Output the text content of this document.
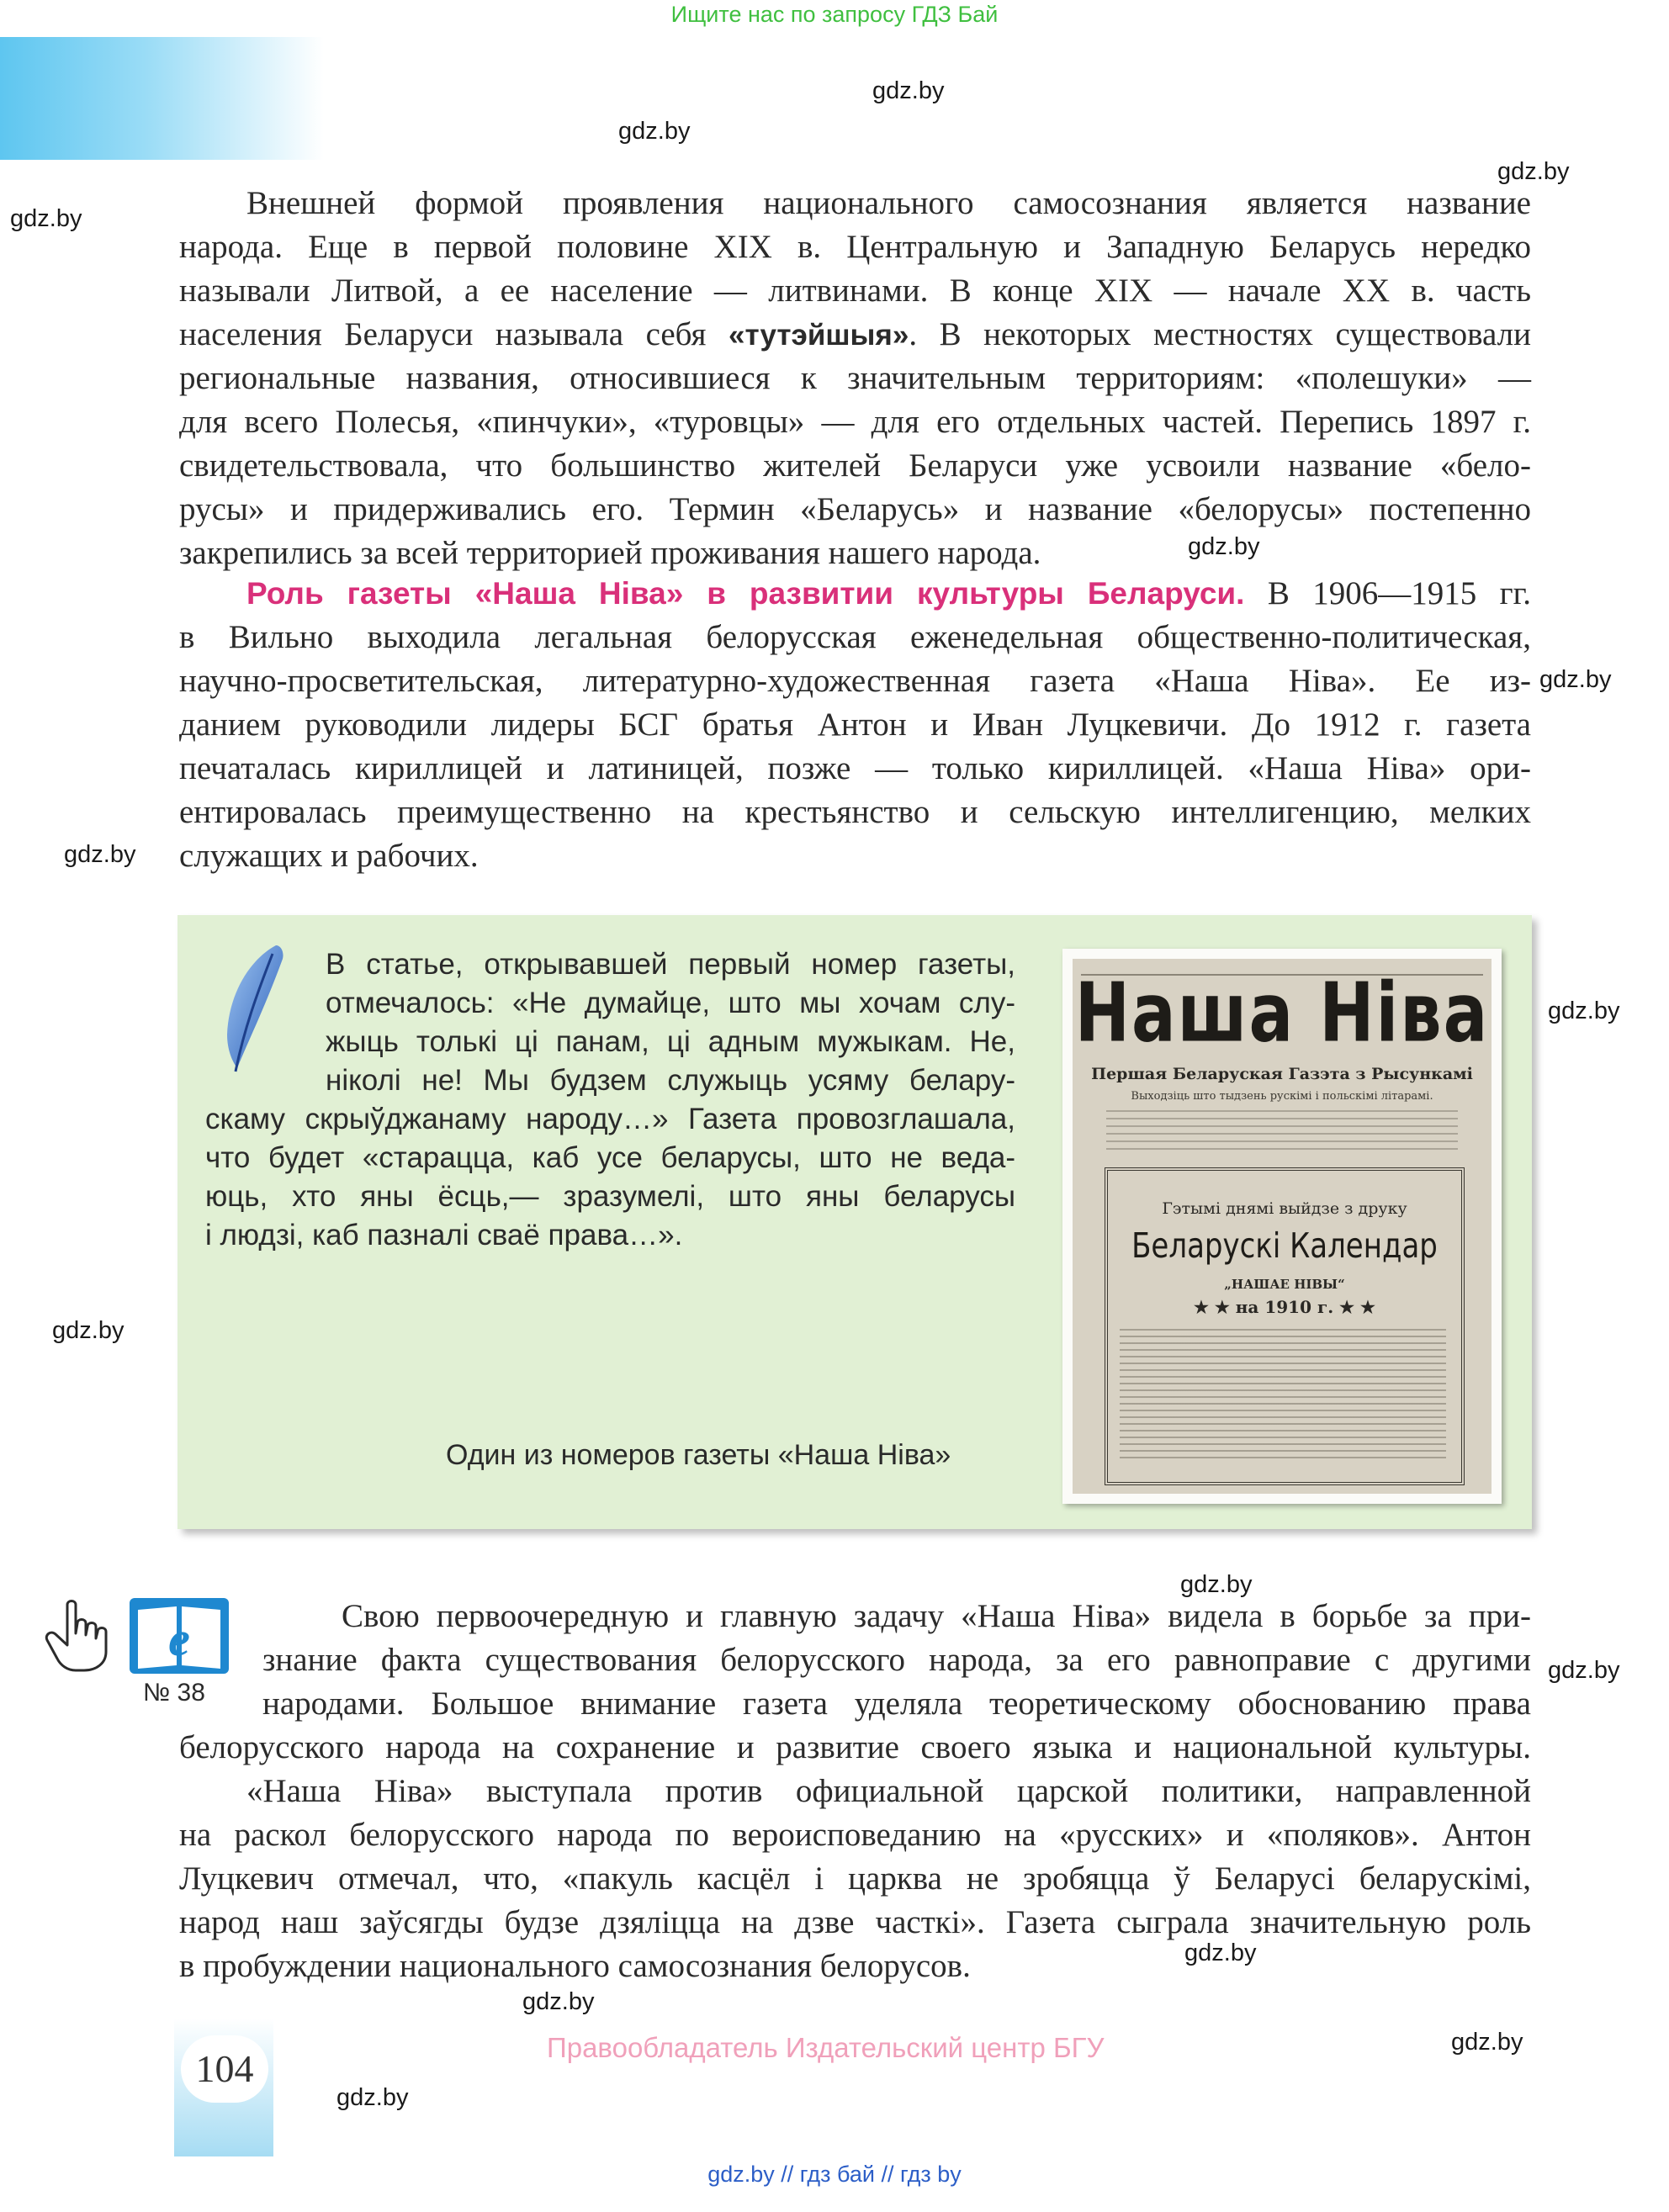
Ищите нас по запросу ГДЗ Бай
gdz.by
gdz.by
gdz.by
gdz.by
gdz.by
gdz.by
gdz.by
gdz.by
gdz.by
gdz.by
gdz.by
gdz.by
gdz.by
gdz.by
gdz.by
Внешней формой проявления национального самосознания является название
народа. Еще в первой половине XIX в. Центральную и Западную Беларусь нередко
называли Литвой, а ее население — литвинами. В конце XIX — начале XX в. часть
населения Беларуси называла себя «тутэйшыя». В некоторых местностях существовали
региональные названия, относившиеся к значительным территориям: «полешуки» —
для всего Полесья, «пинчуки», «туровцы» — для его отдельных частей. Перепись 1897 г.
свидетельствовала, что большинство жителей Беларуси уже усвоили название «бело-
русы» и придерживались его. Термин «Беларусь» и название «белорусы» постепенно
закрепились за всей территорией проживания нашего народа.
Роль газеты «Наша Ніва» в развитии культуры Беларуси. В 1906—1915 гг.
в Вильно выходила легальная белорусская еженедельная общественно-политическая,
научно-просветительская, литературно-художественная газета «Наша Ніва». Ее из-
данием руководили лидеры БСГ братья Антон и Иван Луцкевичи. До 1912 г. газета
печаталась кириллицей и латиницей, позже — только кириллицей. «Наша Ніва» ори-
ентировалась преимущественно на крестьянство и сельскую интеллигенцию, мелких
служащих и рабочих.
В статье, открывавшей первый номер газеты,
отмечалось: «Не думайце, што мы хочам слу-
жыць толькі ці панам, ці адным мужыкам. Не,
ніколі не! Мы будзем служыць усяму белару-
скаму скрыўджанаму народу…» Газета провозглашала,
что будет «старацца, каб усе беларусы, што не веда-
юць, хто яны ёсць,— зразумелі, што яны беларусы
і людзі, каб пазналі сваё права…».
Один из номеров газеты «Наша Ніва»
Наша Ніва
Першая Беларуская Газэта з Рысункамі
Выходзіць што тыдзень рускімі і польскімі літарамі.
Гэтымі днямі выйдзе з друку
Беларускі Календар
„НАШАЕ НІВЫ“
★ ★ на 1910 г. ★ ★
e
№ 38
Свою первоочередную и главную задачу «Наша Ніва» видела в борьбе за при-
знание факта существования белорусского народа, за его равноправие с другими
народами. Большое внимание газета уделяла теоретическому обоснованию права
белорусского народа на сохранение и развитие своего языка и национальной культуры.
«Наша Ніва» выступала против официальной царской политики, направленной
на раскол белорусского народа по вероисповеданию на «русских» и «поляков». Антон
Луцкевич отмечал, что, «пакуль касцёл і царква не зробяцца ў Беларусі беларускімі,
народ наш заўсягды будзе дзяліцца на дзве часткі». Газета сыграла значительную роль
в пробуждении национального самосознания белорусов.
104	Правообладатель Издательский центр БГУ
gdz.by // гдз бай // гдз by
